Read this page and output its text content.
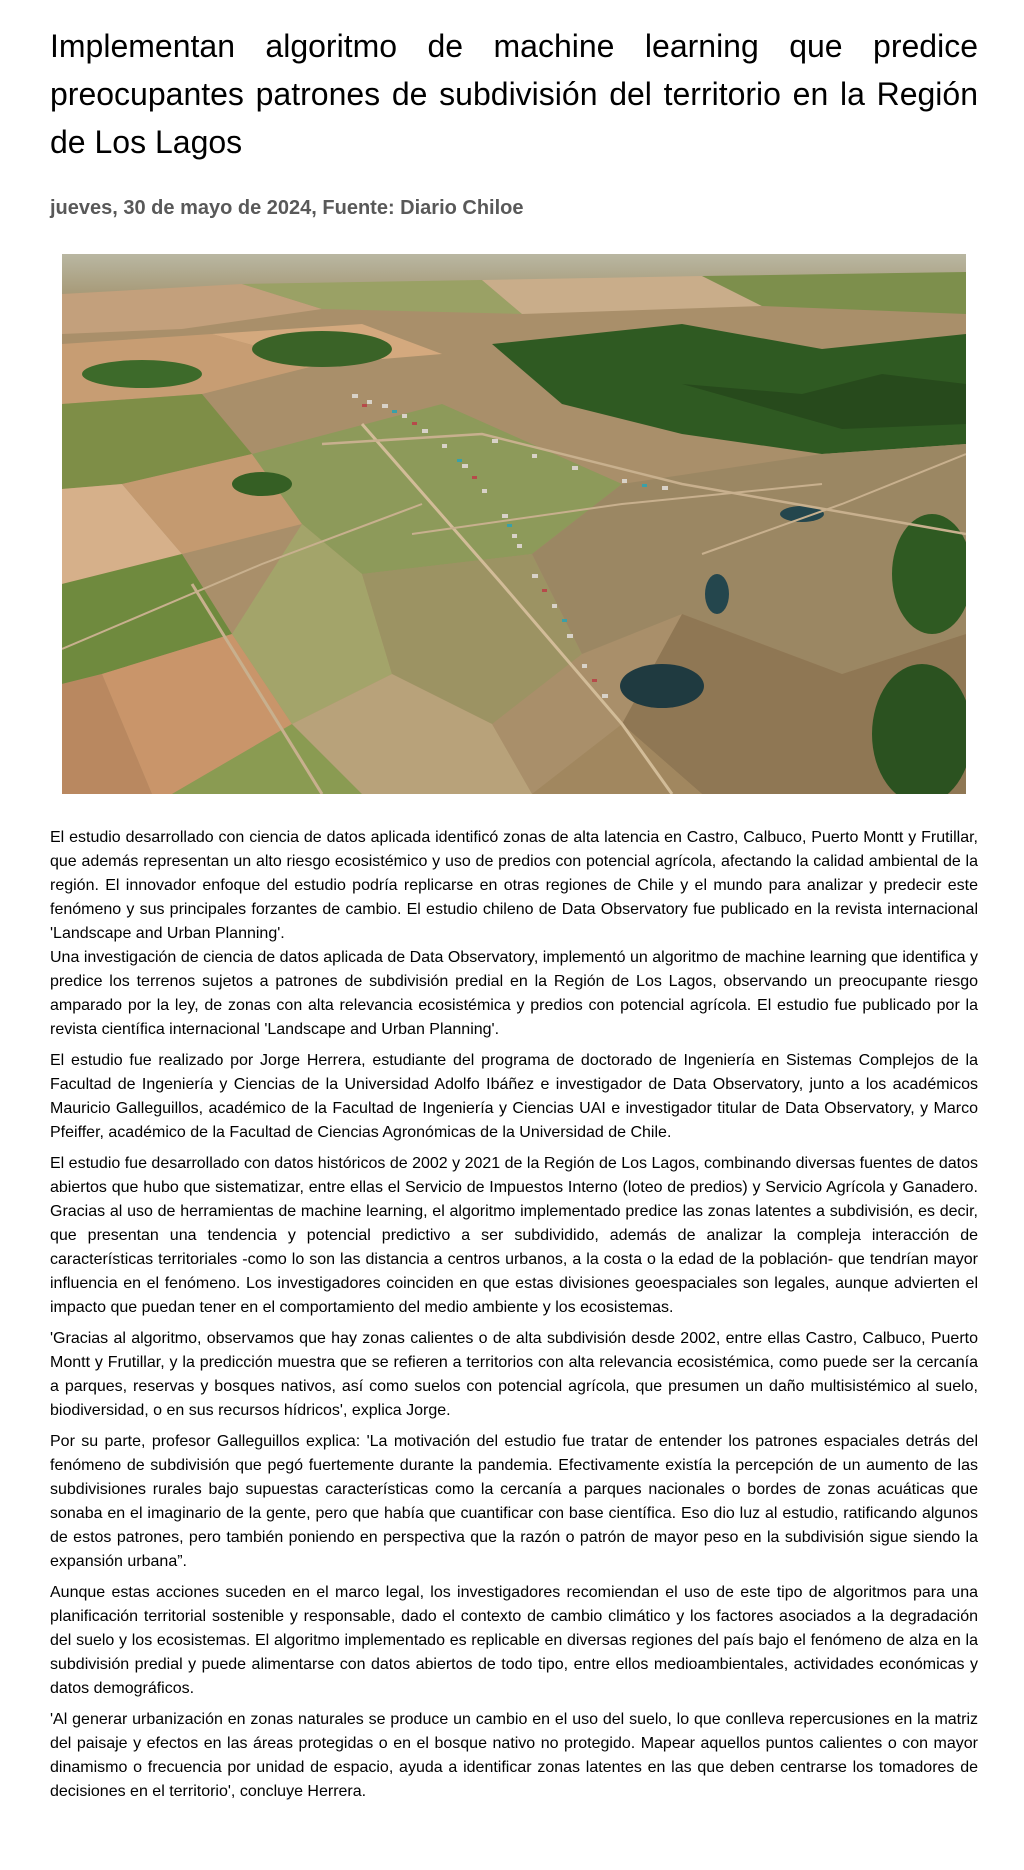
Implementan algoritmo de machine learning que predice preocupantes patrones de subdivisión del territorio en la Región de Los Lagos
jueves, 30 de mayo de 2024, Fuente: Diario Chiloe

El estudio desarrollado con ciencia de datos aplicada identificó zonas de alta latencia en Castro, Calbuco, Puerto Montt y Frutillar, que además representan un alto riesgo ecosistémico y uso de predios con potencial agrícola, afectando la calidad ambiental de la región. El innovador enfoque del estudio podría replicarse en otras regiones de Chile y el mundo para analizar y predecir este fenómeno y sus principales forzantes de cambio. El estudio chileno de Data Observatory fue publicado en la revista internacional 'Landscape and Urban Planning'.

Una investigación de ciencia de datos aplicada de Data Observatory, implementó un algoritmo de machine learning que identifica y predice los terrenos sujetos a patrones de subdivisión predial en la Región de Los Lagos, observando un preocupante riesgo amparado por la ley, de zonas con alta relevancia ecosistémica y predios con potencial agrícola. El estudio fue publicado por la revista científica internacional 'Landscape and Urban Planning'.

El estudio fue realizado por Jorge Herrera, estudiante del programa de doctorado de Ingeniería en Sistemas Complejos de la Facultad de Ingeniería y Ciencias de la Universidad Adolfo Ibáñez e investigador de Data Observatory, junto a los académicos Mauricio Galleguillos, académico de la Facultad de Ingeniería y Ciencias UAI e investigador titular de Data Observatory, y Marco Pfeiffer, académico de la Facultad de Ciencias Agronómicas de la Universidad de Chile.

El estudio fue desarrollado con datos históricos de 2002 y 2021 de la Región de Los Lagos, combinando diversas fuentes de datos abiertos que hubo que sistematizar, entre ellas el Servicio de Impuestos Interno (loteo de predios) y Servicio Agrícola y Ganadero. Gracias al uso de herramientas de machine learning, el algoritmo implementado predice las zonas latentes a subdivisión, es decir, que presentan una tendencia y potencial predictivo a ser subdividido, además de analizar la compleja interacción de características territoriales -como lo son las distancia a centros urbanos, a la costa o la edad de la población- que tendrían mayor influencia en el fenómeno. Los investigadores coinciden en que estas divisiones geoespaciales son legales, aunque advierten el impacto que puedan tener en el comportamiento del medio ambiente y los ecosistemas.

'Gracias al algoritmo, observamos que hay zonas calientes o de alta subdivisión desde 2002, entre ellas Castro, Calbuco, Puerto Montt y Frutillar, y la predicción muestra que se refieren a territorios con alta relevancia ecosistémica, como puede ser la cercanía a parques, reservas y bosques nativos, así como suelos con potencial agrícola, que presumen un daño multisistémico al suelo, biodiversidad, o en sus recursos hídricos', explica Jorge.

Por su parte, profesor Galleguillos explica: 'La motivación del estudio fue tratar de entender los patrones espaciales detrás del fenómeno de subdivisión que pegó fuertemente durante la pandemia. Efectivamente existía la percepción de un aumento de las subdivisiones rurales bajo supuestas características como la cercanía a parques nacionales o bordes de zonas acuáticas que sonaba en el imaginario de la gente, pero que había que cuantificar con base científica. Eso dio luz al estudio, ratificando algunos de estos patrones, pero también poniendo en perspectiva que la razón o patrón de mayor peso en la subdivisión sigue siendo la expansión urbana”.

Aunque estas acciones suceden en el marco legal, los investigadores recomiendan el uso de este tipo de algoritmos para una planificación territorial sostenible y responsable, dado el contexto de cambio climático y los factores asociados a la degradación del suelo y los ecosistemas. El algoritmo implementado es replicable en diversas regiones del país bajo el fenómeno de alza en la subdivisión predial y puede alimentarse con datos abiertos de todo tipo, entre ellos medioambientales, actividades económicas y datos demográficos.

'Al generar urbanización en zonas naturales se produce un cambio en el uso del suelo, lo que conlleva repercusiones en la matriz del paisaje y efectos en las áreas protegidas o en el bosque nativo no protegido. Mapear aquellos puntos calientes o con mayor dinamismo o frecuencia por unidad de espacio, ayuda a identificar zonas latentes en las que deben centrarse los tomadores de decisiones en el territorio', concluye Herrera.
